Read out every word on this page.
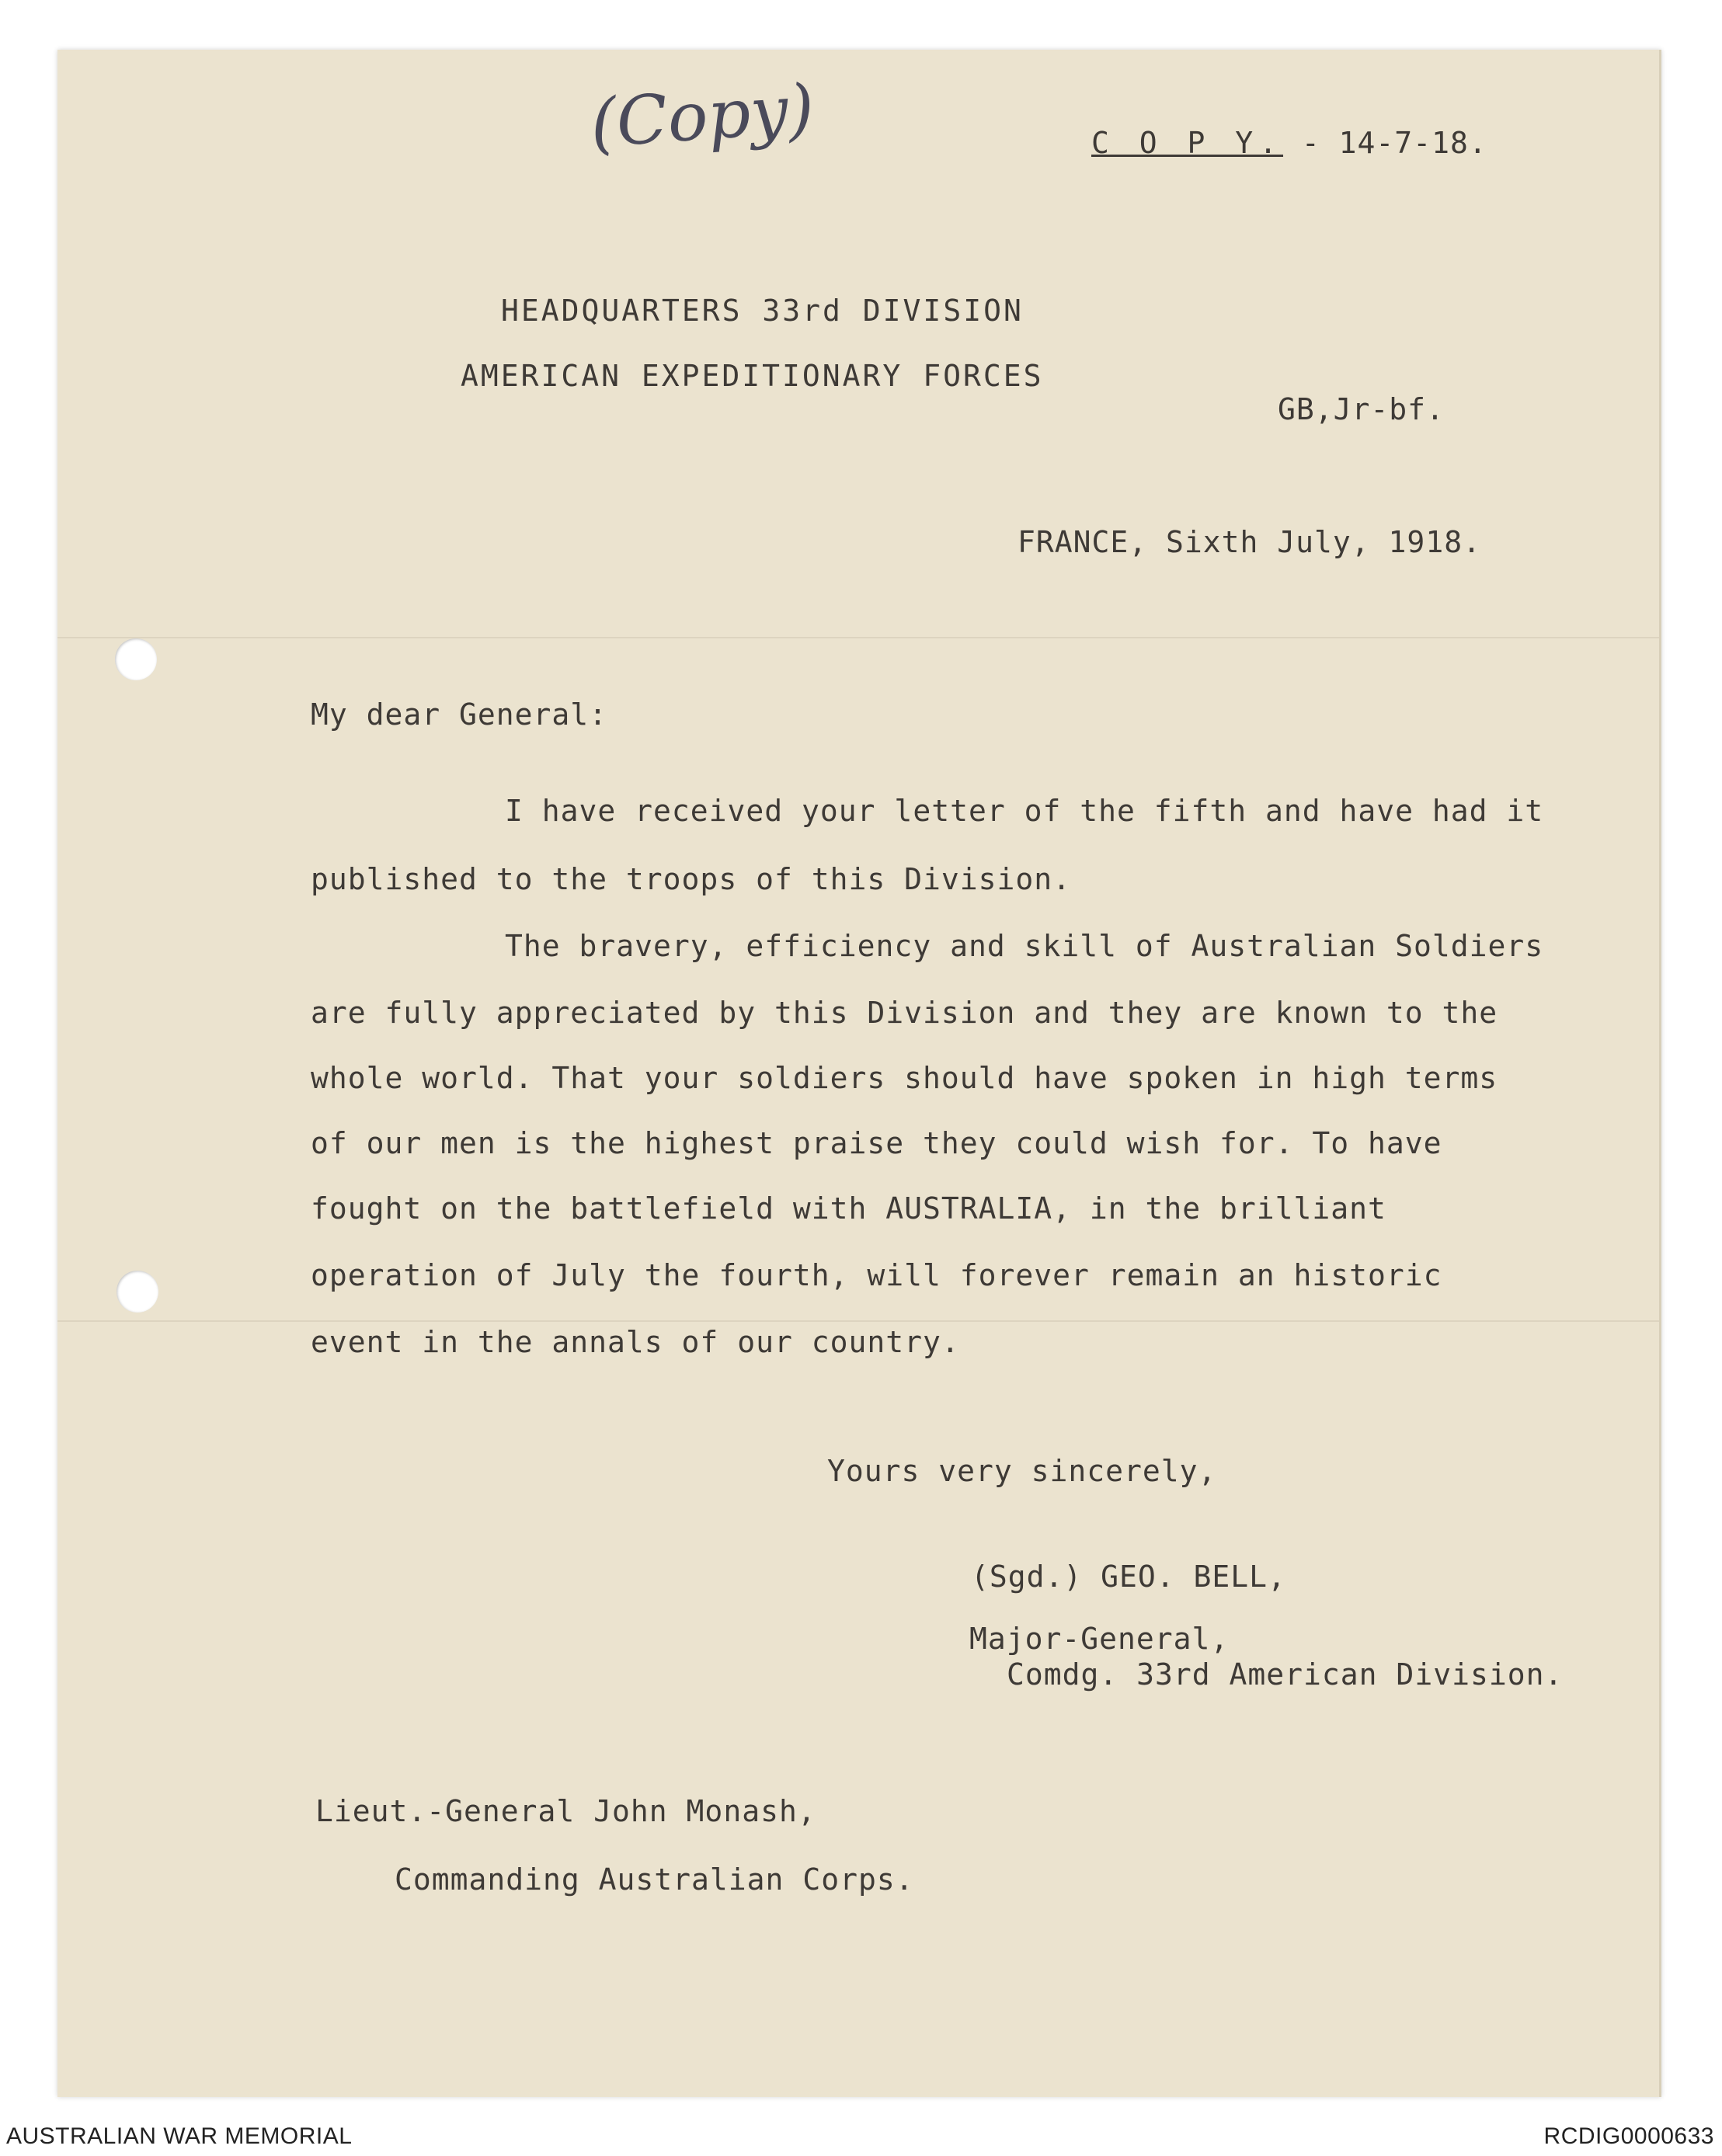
(Copy)	C O P Y. - 14-7-18.

HEADQUARTERS 33rd DIVISION

AMERICAN EXPEDITIONARY FORCES

GB,Jr-bf.

FRANCE, Sixth July, 1918.

My dear General:

I have received your letter of the fifth and have had it

published to the troops of this Division.

The bravery, efficiency and skill of Australian Soldiers

are fully appreciated by this Division and they are known to the

whole world. That your soldiers should have spoken in high terms

of our men is the highest praise they could wish for. To have

fought on the battlefield with AUSTRALIA, in the brilliant

operation of July the fourth, will forever remain an historic

event in the annals of our country.

Yours very sincerely,

(Sgd.) GEO. BELL,

Major-General,

Comdg. 33rd American Division.

Lieut.-General John Monash,

Commanding Australian Corps.

AUSTRALIAN WAR MEMORIAL	RCDIG0000633
